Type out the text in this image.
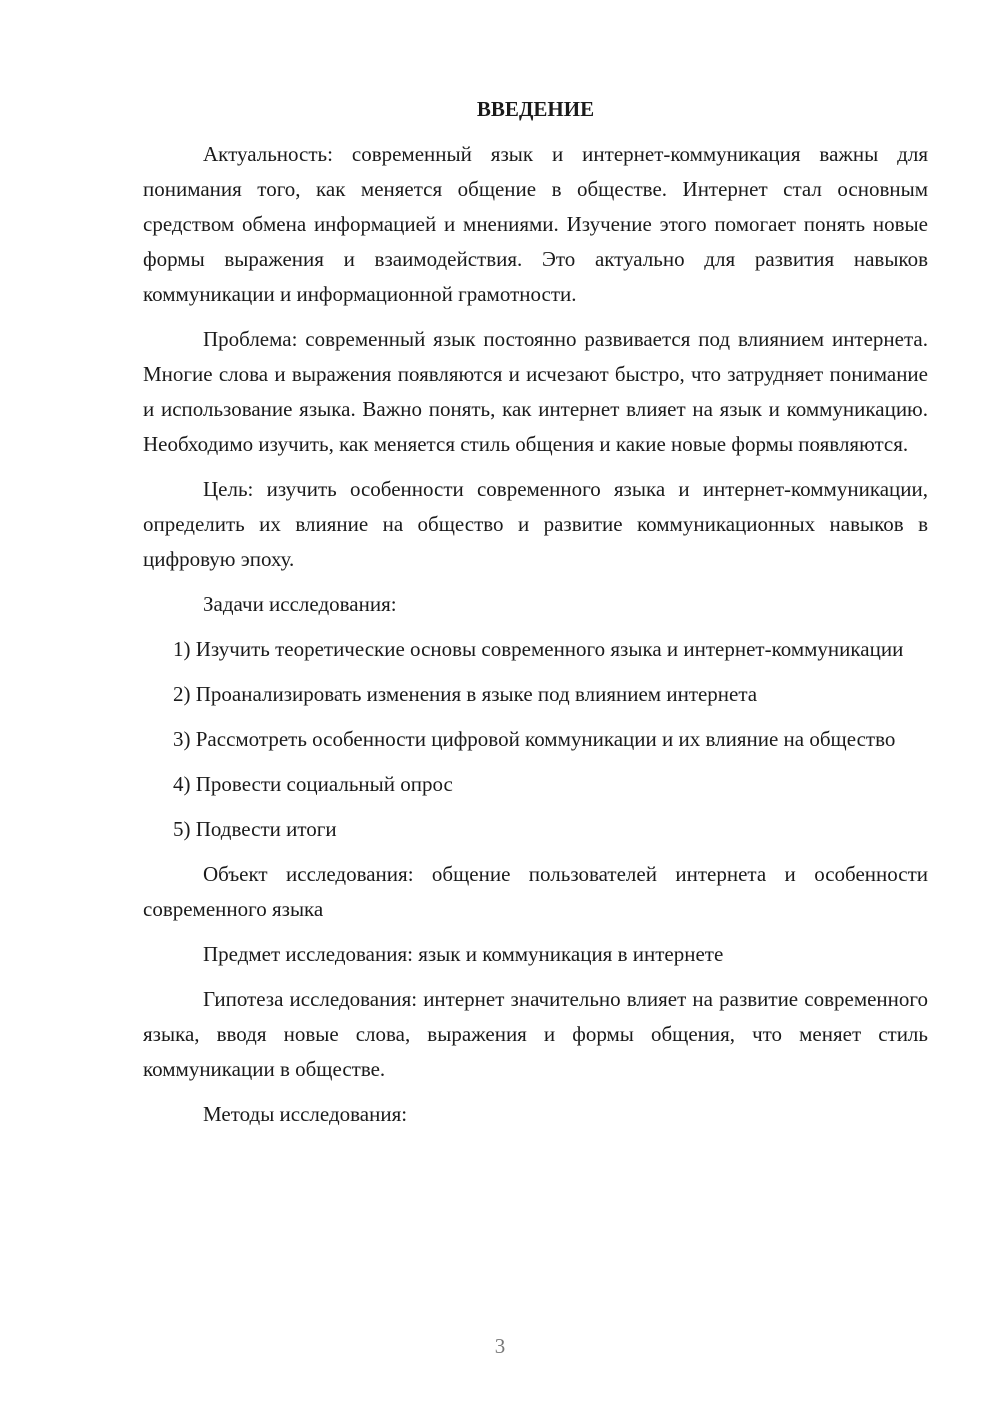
ВВЕДЕНИЕ

Актуальность: современный язык и интернет-коммуникация важны для понимания того, как меняется общение в обществе. Интернет стал основным средством обмена информацией и мнениями. Изучение этого помогает понять новые формы выражения и взаимодействия. Это актуально для развития навыков коммуникации и информационной грамотности.

Проблема: современный язык постоянно развивается под влиянием интернета. Многие слова и выражения появляются и исчезают быстро, что затрудняет понимание и использование языка. Важно понять, как интернет влияет на язык и коммуникацию. Необходимо изучить, как меняется стиль общения и какие новые формы появляются.

Цель: изучить особенности современного языка и интернет-коммуникации, определить их влияние на общество и развитие коммуникационных навыков в цифровую эпоху.

Задачи исследования:

1) Изучить теоретические основы современного языка и интернет-коммуникации

2) Проанализировать изменения в языке под влиянием интернета

3) Рассмотреть особенности цифровой коммуникации и их влияние на общество

4) Провести социальный опрос

5) Подвести итоги

Объект исследования: общение пользователей интернета и особенности современного языка

Предмет исследования: язык и коммуникация в интернете

Гипотеза исследования: интернет значительно влияет на развитие современного языка, вводя новые слова, выражения и формы общения, что меняет стиль коммуникации в обществе.

Методы исследования:

3
